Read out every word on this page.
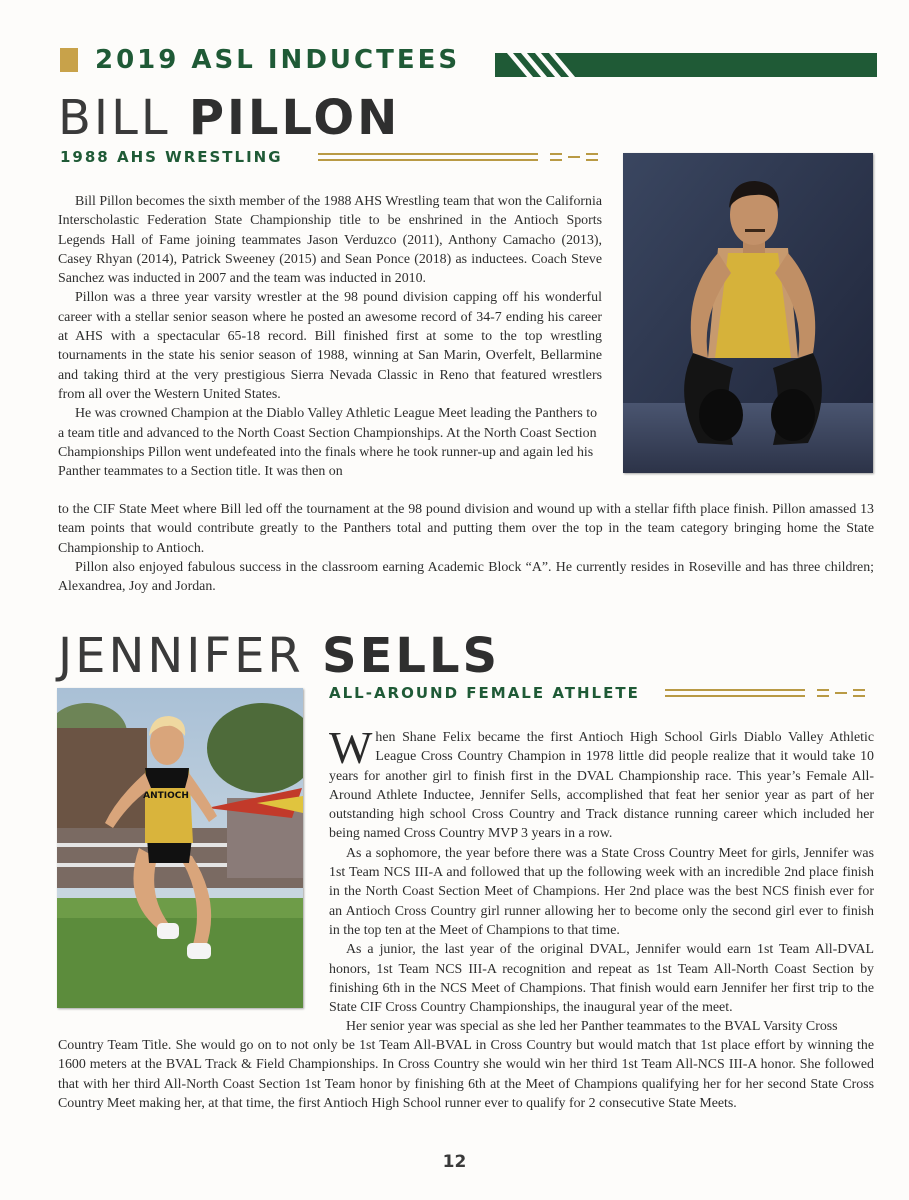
2019 ASL INDUCTEES
BILL PILLON
1988 AHS WRESTLING

Bill Pillon becomes the sixth member of the 1988 AHS Wrestling team that won the California Interscholastic Federation State Championship title to be enshrined in the Antioch Sports Legends Hall of Fame joining teammates Jason Verduzco (2011), Anthony Camacho (2013), Casey Rhyan (2014), Patrick Sweeney (2015) and Sean Ponce (2018) as inductees. Coach Steve Sanchez was inducted in 2007 and the team was inducted in 2010.

Pillon was a three year varsity wrestler at the 98 pound division capping off his wonderful career with a stellar senior season where he posted an awesome record of 34-7 ending his career at AHS with a spectacular 65-18 record. Bill finished first at some to the top wrestling tournaments in the state his senior season of 1988, winning at San Marin, Overfelt, Bellarmine and taking third at the very prestigious Sierra Nevada Classic in Reno that featured wrestlers from all over the Western United States.

He was crowned Champion at the Diablo Valley Athletic League Meet leading the Panthers to a team title and advanced to the North Coast Section Championships. At the North Coast Section Championships Pillon went undefeated into the finals where he took runner-up and again led his Panther teammates to a Section title. It was then on

to the CIF State Meet where Bill led off the tournament at the 98 pound division and wound up with a stellar fifth place finish. Pillon amassed 13 team points that would contribute greatly to the Panthers total and putting them over the top in the team category bringing home the State Championship to Antioch.

Pillon also enjoyed fabulous success in the classroom earning Academic Block “A”. He currently resides in Roseville and has three children; Alexandrea, Joy and Jordan.

JENNIFER SELLS
ANTIOCH
ALL-AROUND FEMALE ATHLETE

When Shane Felix became the first Antioch High School Girls Diablo Valley Athletic League Cross Country Champion in 1978 little did people realize that it would take 10 years for another girl to finish first in the DVAL Championship race. This year’s Female All-Around Athlete Inductee, Jennifer Sells, accomplished that feat her senior year as part of her outstanding high school Cross Country and Track distance running career which included her being named Cross Country MVP 3 years in a row.

As a sophomore, the year before there was a State Cross Country Meet for girls, Jennifer was 1st Team NCS III-A and followed that up the following week with an incredible 2nd place finish in the North Coast Section Meet of Champions. Her 2nd place was the best NCS finish ever for an Antioch Cross Country girl runner allowing her to become only the second girl ever to finish in the top ten at the Meet of Champions to that time.

As a junior, the last year of the original DVAL, Jennifer would earn 1st Team All-DVAL honors, 1st Team NCS III-A recognition and repeat as 1st Team All-North Coast Section by finishing 6th in the NCS Meet of Champions. That finish would earn Jennifer her first trip to the State CIF Cross Country Championships, the inaugural year of the meet.

Her senior year was special as she led her Panther teammates to the BVAL Varsity Cross

Country Team Title. She would go on to not only be 1st Team All-BVAL in Cross Country but would match that 1st place effort by winning the 1600 meters at the BVAL Track & Field Championships. In Cross Country she would win her third 1st Team All-NCS III-A honor. She followed that with her third All-North Coast Section 1st Team honor by finishing 6th at the Meet of Champions qualifying her for her second State Cross Country Meet making her, at that time, the first Antioch High School runner ever to qualify for 2 consecutive State Meets.

12
